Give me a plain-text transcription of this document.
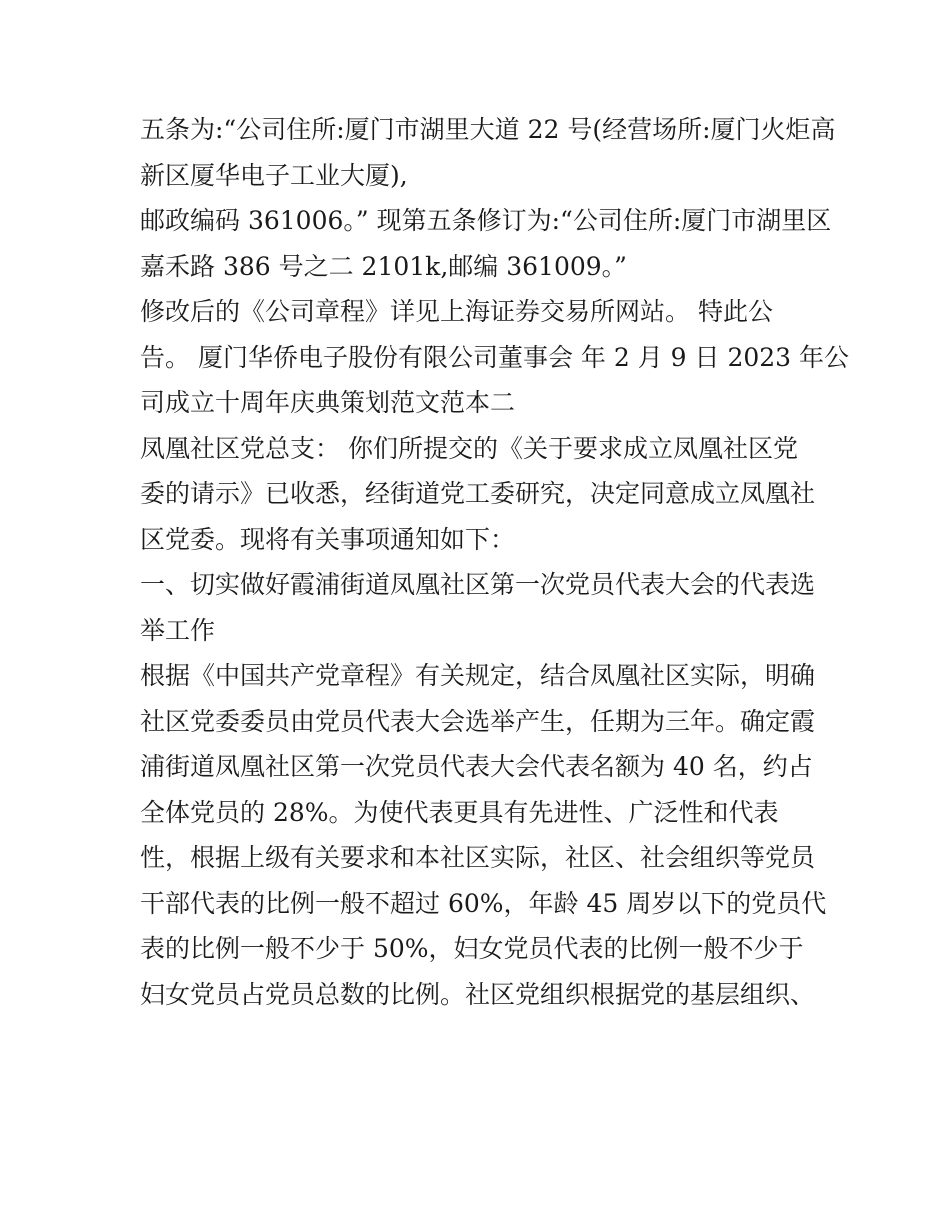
五条为:“公司住所:厦门市湖里大道 22 号(经营场所:厦门火炬高
新区厦华电子工业大厦),
邮政编码 361006。” 现第五条修订为:“公司住所:厦门市湖里区
嘉禾路 386 号之二 2101k,邮编 361009。”
修改后的《公司章程》详见上海证券交易所网站。 特此公
告。 厦门华侨电子股份有限公司董事会 年 2 月 9 日 2023 年公
司成立十周年庆典策划范文范本二
凤凰社区党总支： 你们所提交的《关于要求成立凤凰社区党
委的请示》已收悉，经街道党工委研究，决定同意成立凤凰社
区党委。现将有关事项通知如下：
一、切实做好霞浦街道凤凰社区第一次党员代表大会的代表选
举工作
根据《中国共产党章程》有关规定，结合凤凰社区实际，明确
社区党委委员由党员代表大会选举产生，任期为三年。确定霞
浦街道凤凰社区第一次党员代表大会代表名额为 40 名，约占
全体党员的 28%。为使代表更具有先进性、广泛性和代表
性，根据上级有关要求和本社区实际，社区、社会组织等党员
干部代表的比例一般不超过 60%，年龄 45 周岁以下的党员代
表的比例一般不少于 50%，妇女党员代表的比例一般不少于
妇女党员占党员总数的比例。社区党组织根据党的基层组织、
